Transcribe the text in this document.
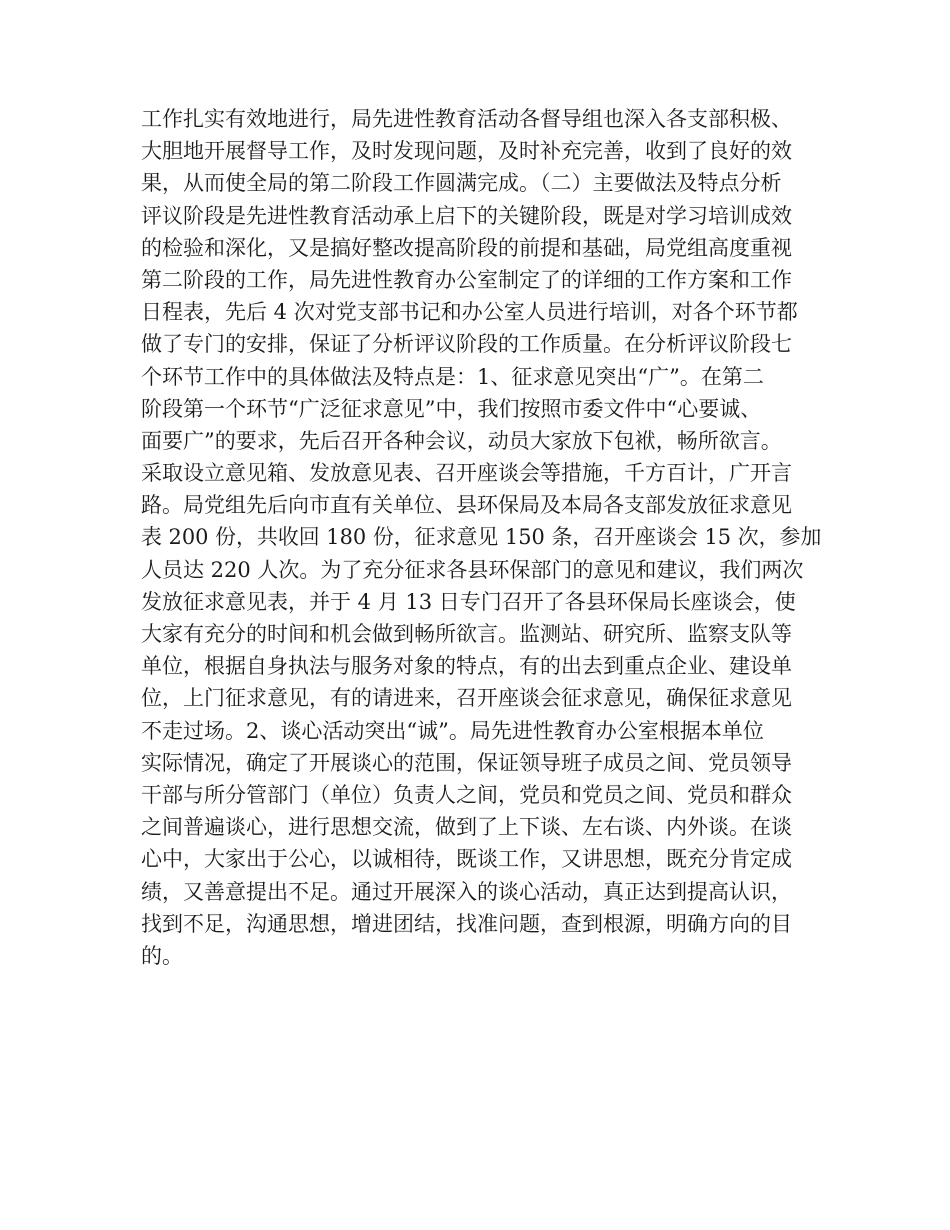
工作扎实有效地进行，局先进性教育活动各督导组也深入各支部积极、
大胆地开展督导工作，及时发现问题，及时补充完善，收到了良好的效
果，从而使全局的第二阶段工作圆满完成。（二）主要做法及特点分析
评议阶段是先进性教育活动承上启下的关键阶段，既是对学习培训成效
的检验和深化，又是搞好整改提高阶段的前提和基础，局党组高度重视
第二阶段的工作，局先进性教育办公室制定了的详细的工作方案和工作
日程表，先后 4 次对党支部书记和办公室人员进行培训，对各个环节都
做了专门的安排，保证了分析评议阶段的工作质量。在分析评议阶段七
个环节工作中的具体做法及特点是：1、征求意见突出“广”。在第二
阶段第一个环节“广泛征求意见”中，我们按照市委文件中“心要诚、
面要广”的要求，先后召开各种会议，动员大家放下包袱，畅所欲言。
采取设立意见箱、发放意见表、召开座谈会等措施，千方百计，广开言
路。局党组先后向市直有关单位、县环保局及本局各支部发放征求意见
表 200 份，共收回 180 份，征求意见 150 条，召开座谈会 15 次，参加
人员达 220 人次。为了充分征求各县环保部门的意见和建议，我们两次
发放征求意见表，并于 4 月 13 日专门召开了各县环保局长座谈会，使
大家有充分的时间和机会做到畅所欲言。监测站、研究所、监察支队等
单位，根据自身执法与服务对象的特点，有的出去到重点企业、建设单
位，上门征求意见，有的请进来，召开座谈会征求意见，确保征求意见
不走过场。2、谈心活动突出“诚”。局先进性教育办公室根据本单位
实际情况，确定了开展谈心的范围，保证领导班子成员之间、党员领导
干部与所分管部门（单位）负责人之间，党员和党员之间、党员和群众
之间普遍谈心，进行思想交流，做到了上下谈、左右谈、内外谈。在谈
心中，大家出于公心，以诚相待，既谈工作，又讲思想，既充分肯定成
绩，又善意提出不足。通过开展深入的谈心活动，真正达到提高认识，
找到不足，沟通思想，增进团结，找准问题，查到根源，明确方向的目
的。
